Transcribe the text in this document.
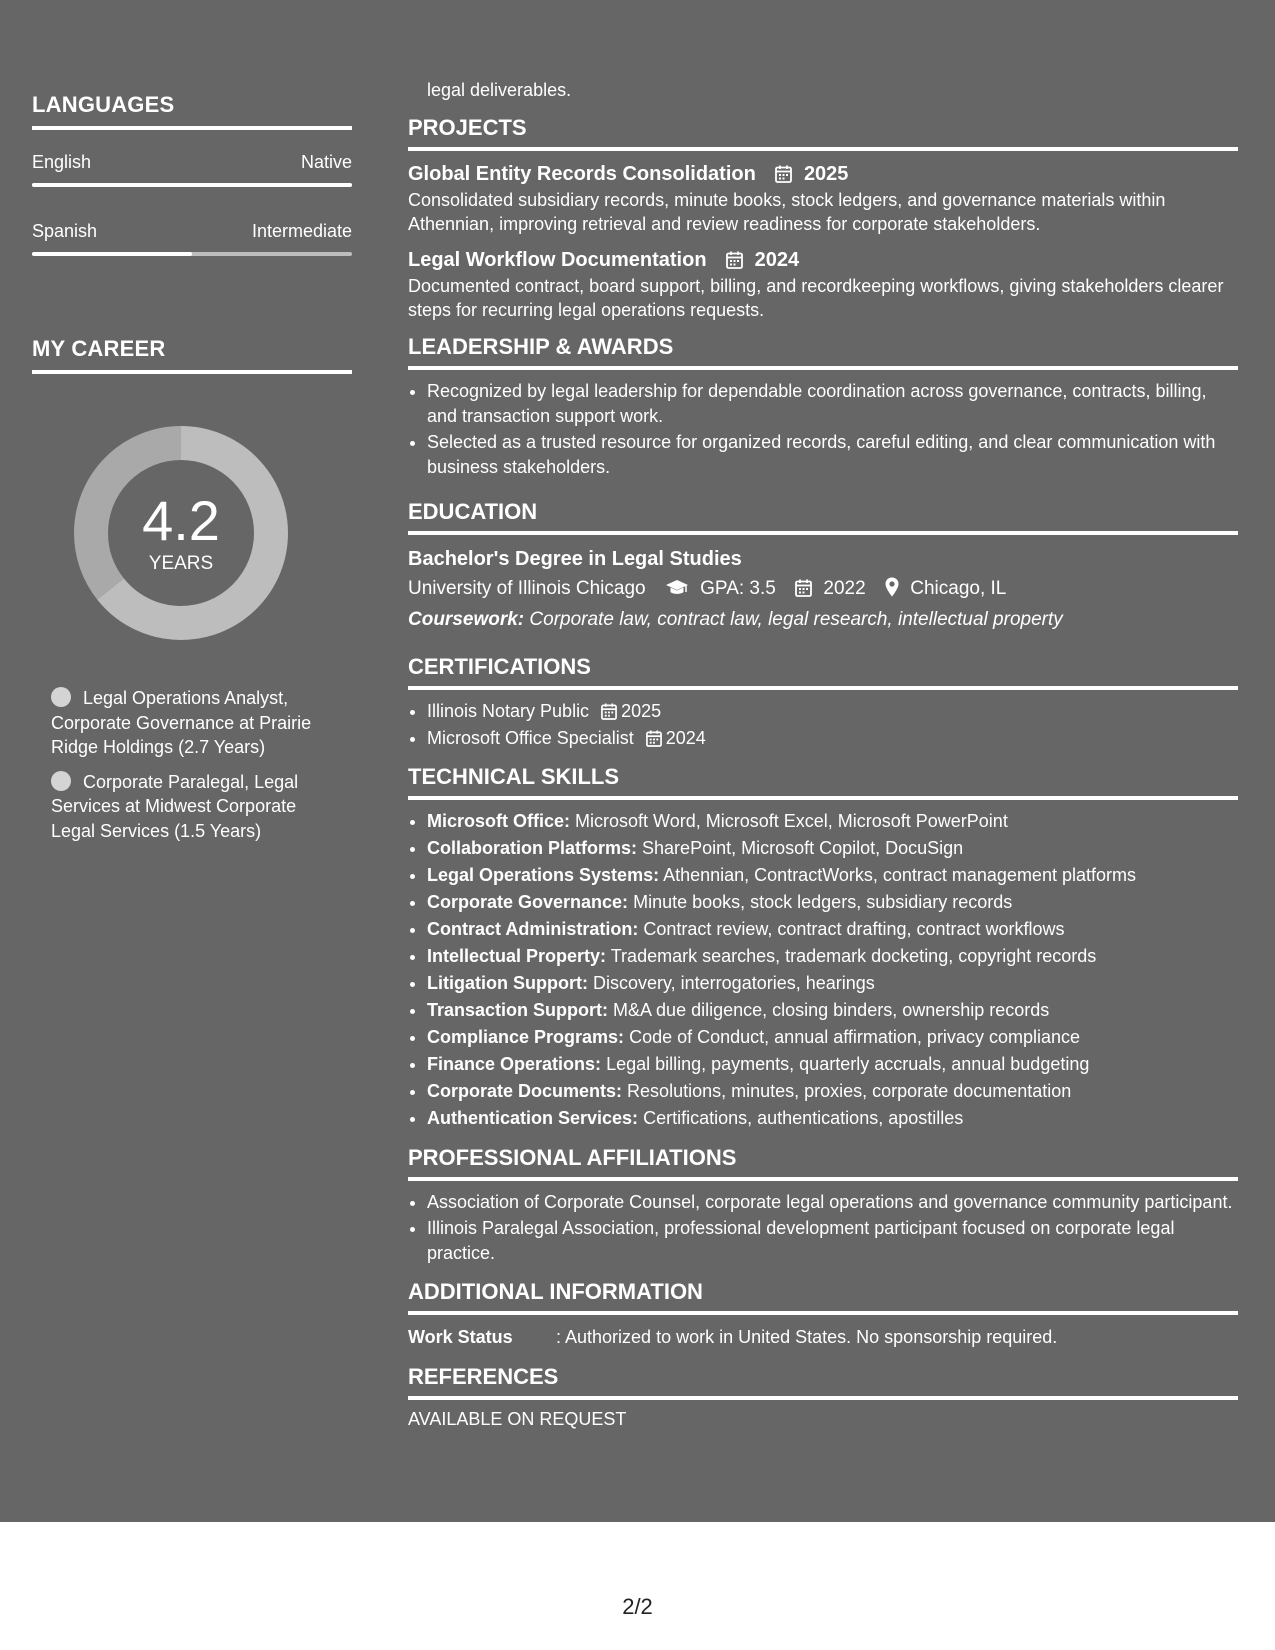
LANGUAGES
English	Native
Spanish	Intermediate
MY CAREER
4.2
YEARS
Legal Operations Analyst, Corporate Governance at Prairie Ridge Holdings (2.7 Years)
Corporate Paralegal, Legal Services at Midwest Corporate Legal Services (1.5 Years)
legal deliverables.
PROJECTS
Global Entity Records Consolidation 2025
Consolidated subsidiary records, minute books, stock ledgers, and governance materials within Athennian, improving retrieval and review readiness for corporate stakeholders.
Legal Workflow Documentation 2024
Documented contract, board support, billing, and recordkeeping workflows, giving stakeholders clearer steps for recurring legal operations requests.
LEADERSHIP & AWARDS
• Recognized by legal leadership for dependable coordination across governance, contracts, billing, and transaction support work.
• Selected as a trusted resource for organized records, careful editing, and clear communication with business stakeholders.
EDUCATION
Bachelor's Degree in Legal Studies
University of Illinois Chicago	GPA: 3.5	2022 Chicago, IL
Coursework: Corporate law, contract law, legal research, intellectual property
CERTIFICATIONS
• Illinois Notary Public 2025
• Microsoft Office Specialist 2024
TECHNICAL SKILLS
• Microsoft Office: Microsoft Word, Microsoft Excel, Microsoft PowerPoint
• Collaboration Platforms: SharePoint, Microsoft Copilot, DocuSign
• Legal Operations Systems: Athennian, ContractWorks, contract management platforms
• Corporate Governance: Minute books, stock ledgers, subsidiary records
• Contract Administration: Contract review, contract drafting, contract workflows
• Intellectual Property: Trademark searches, trademark docketing, copyright records
• Litigation Support: Discovery, interrogatories, hearings
• Transaction Support: M&A due diligence, closing binders, ownership records
• Compliance Programs: Code of Conduct, annual affirmation, privacy compliance
• Finance Operations: Legal billing, payments, quarterly accruals, annual budgeting
• Corporate Documents: Resolutions, minutes, proxies, corporate documentation
• Authentication Services: Certifications, authentications, apostilles
PROFESSIONAL AFFILIATIONS
• Association of Corporate Counsel, corporate legal operations and governance community participant.
• Illinois Paralegal Association, professional development participant focused on corporate legal practice.
ADDITIONAL INFORMATION
Work Status	: Authorized to work in United States. No sponsorship required.
REFERENCES
AVAILABLE ON REQUEST
2/2
